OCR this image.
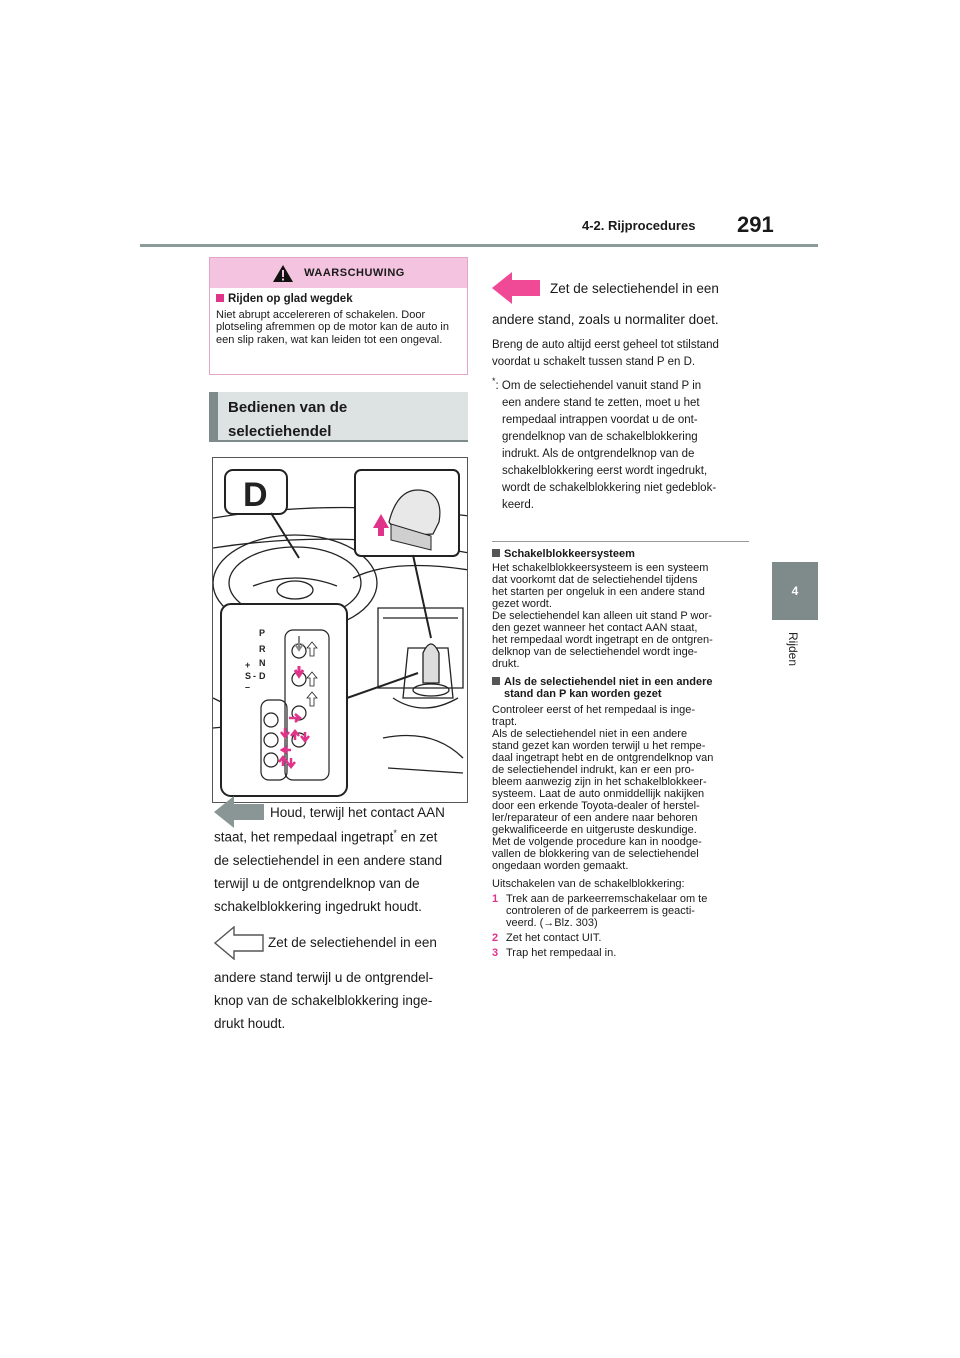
4-2. Rijprocedures 291
4
Rijden
WAARSCHUWING
Rijden op glad wegdek
Niet abrupt accelereren of schakelen. Door plotseling afremmen op de motor kan de auto in een slip raken, wat kan leiden tot een ongeval.
Bedienen van de
selectiehendel
D
P
R
N
D
+
S -
–
Houd, terwijl het contact AAN
staat, het rempedaal ingetrapt* en zet
de selectiehendel in een andere stand
terwijl u de ontgrendelknop van de
schakelblokkering ingedrukt houdt.
Zet de selectiehendel in een
andere stand terwijl u de ontgrendel-
knop van de schakelblokkering inge-
drukt houdt.
Zet de selectiehendel in een
andere stand, zoals u normaliter doet.
Breng de auto altijd eerst geheel tot stilstand
voordat u schakelt tussen stand P en D.
*: Om de selectiehendel vanuit stand P in
een andere stand te zetten, moet u het
rempedaal intrappen voordat u de ont-
grendelknop van de schakelblokkering
indrukt. Als de ontgrendelknop van de
schakelblokkering eerst wordt ingedrukt,
wordt de schakelblokkering niet gedeblok-
keerd.
Schakelblokkeersysteem
Het schakelblokkeersysteem is een systeem
dat voorkomt dat de selectiehendel tijdens
het starten per ongeluk in een andere stand
gezet wordt.
De selectiehendel kan alleen uit stand P wor-
den gezet wanneer het contact AAN staat,
het rempedaal wordt ingetrapt en de ontgren-
delknop van de selectiehendel wordt inge-
drukt.
Als de selectiehendel niet in een andere
stand dan P kan worden gezet
Controleer eerst of het rempedaal is inge-
trapt.
Als de selectiehendel niet in een andere
stand gezet kan worden terwijl u het rempe-
daal ingetrapt hebt en de ontgrendelknop van
de selectiehendel indrukt, kan er een pro-
bleem aanwezig zijn in het schakelblokkeer-
systeem. Laat de auto onmiddellijk nakijken
door een erkende Toyota-dealer of herstel-
ler/reparateur of een andere naar behoren
gekwalificeerde en uitgeruste deskundige.
Met de volgende procedure kan in noodge-
vallen de blokkering van de selectiehendel
ongedaan worden gemaakt.
Uitschakelen van de schakelblokkering:
1 Trek aan de parkeerremschakelaar om te
controleren of de parkeerrem is geacti-
veerd. (→Blz. 303)
2 Zet het contact UIT.
3 Trap het rempedaal in.
